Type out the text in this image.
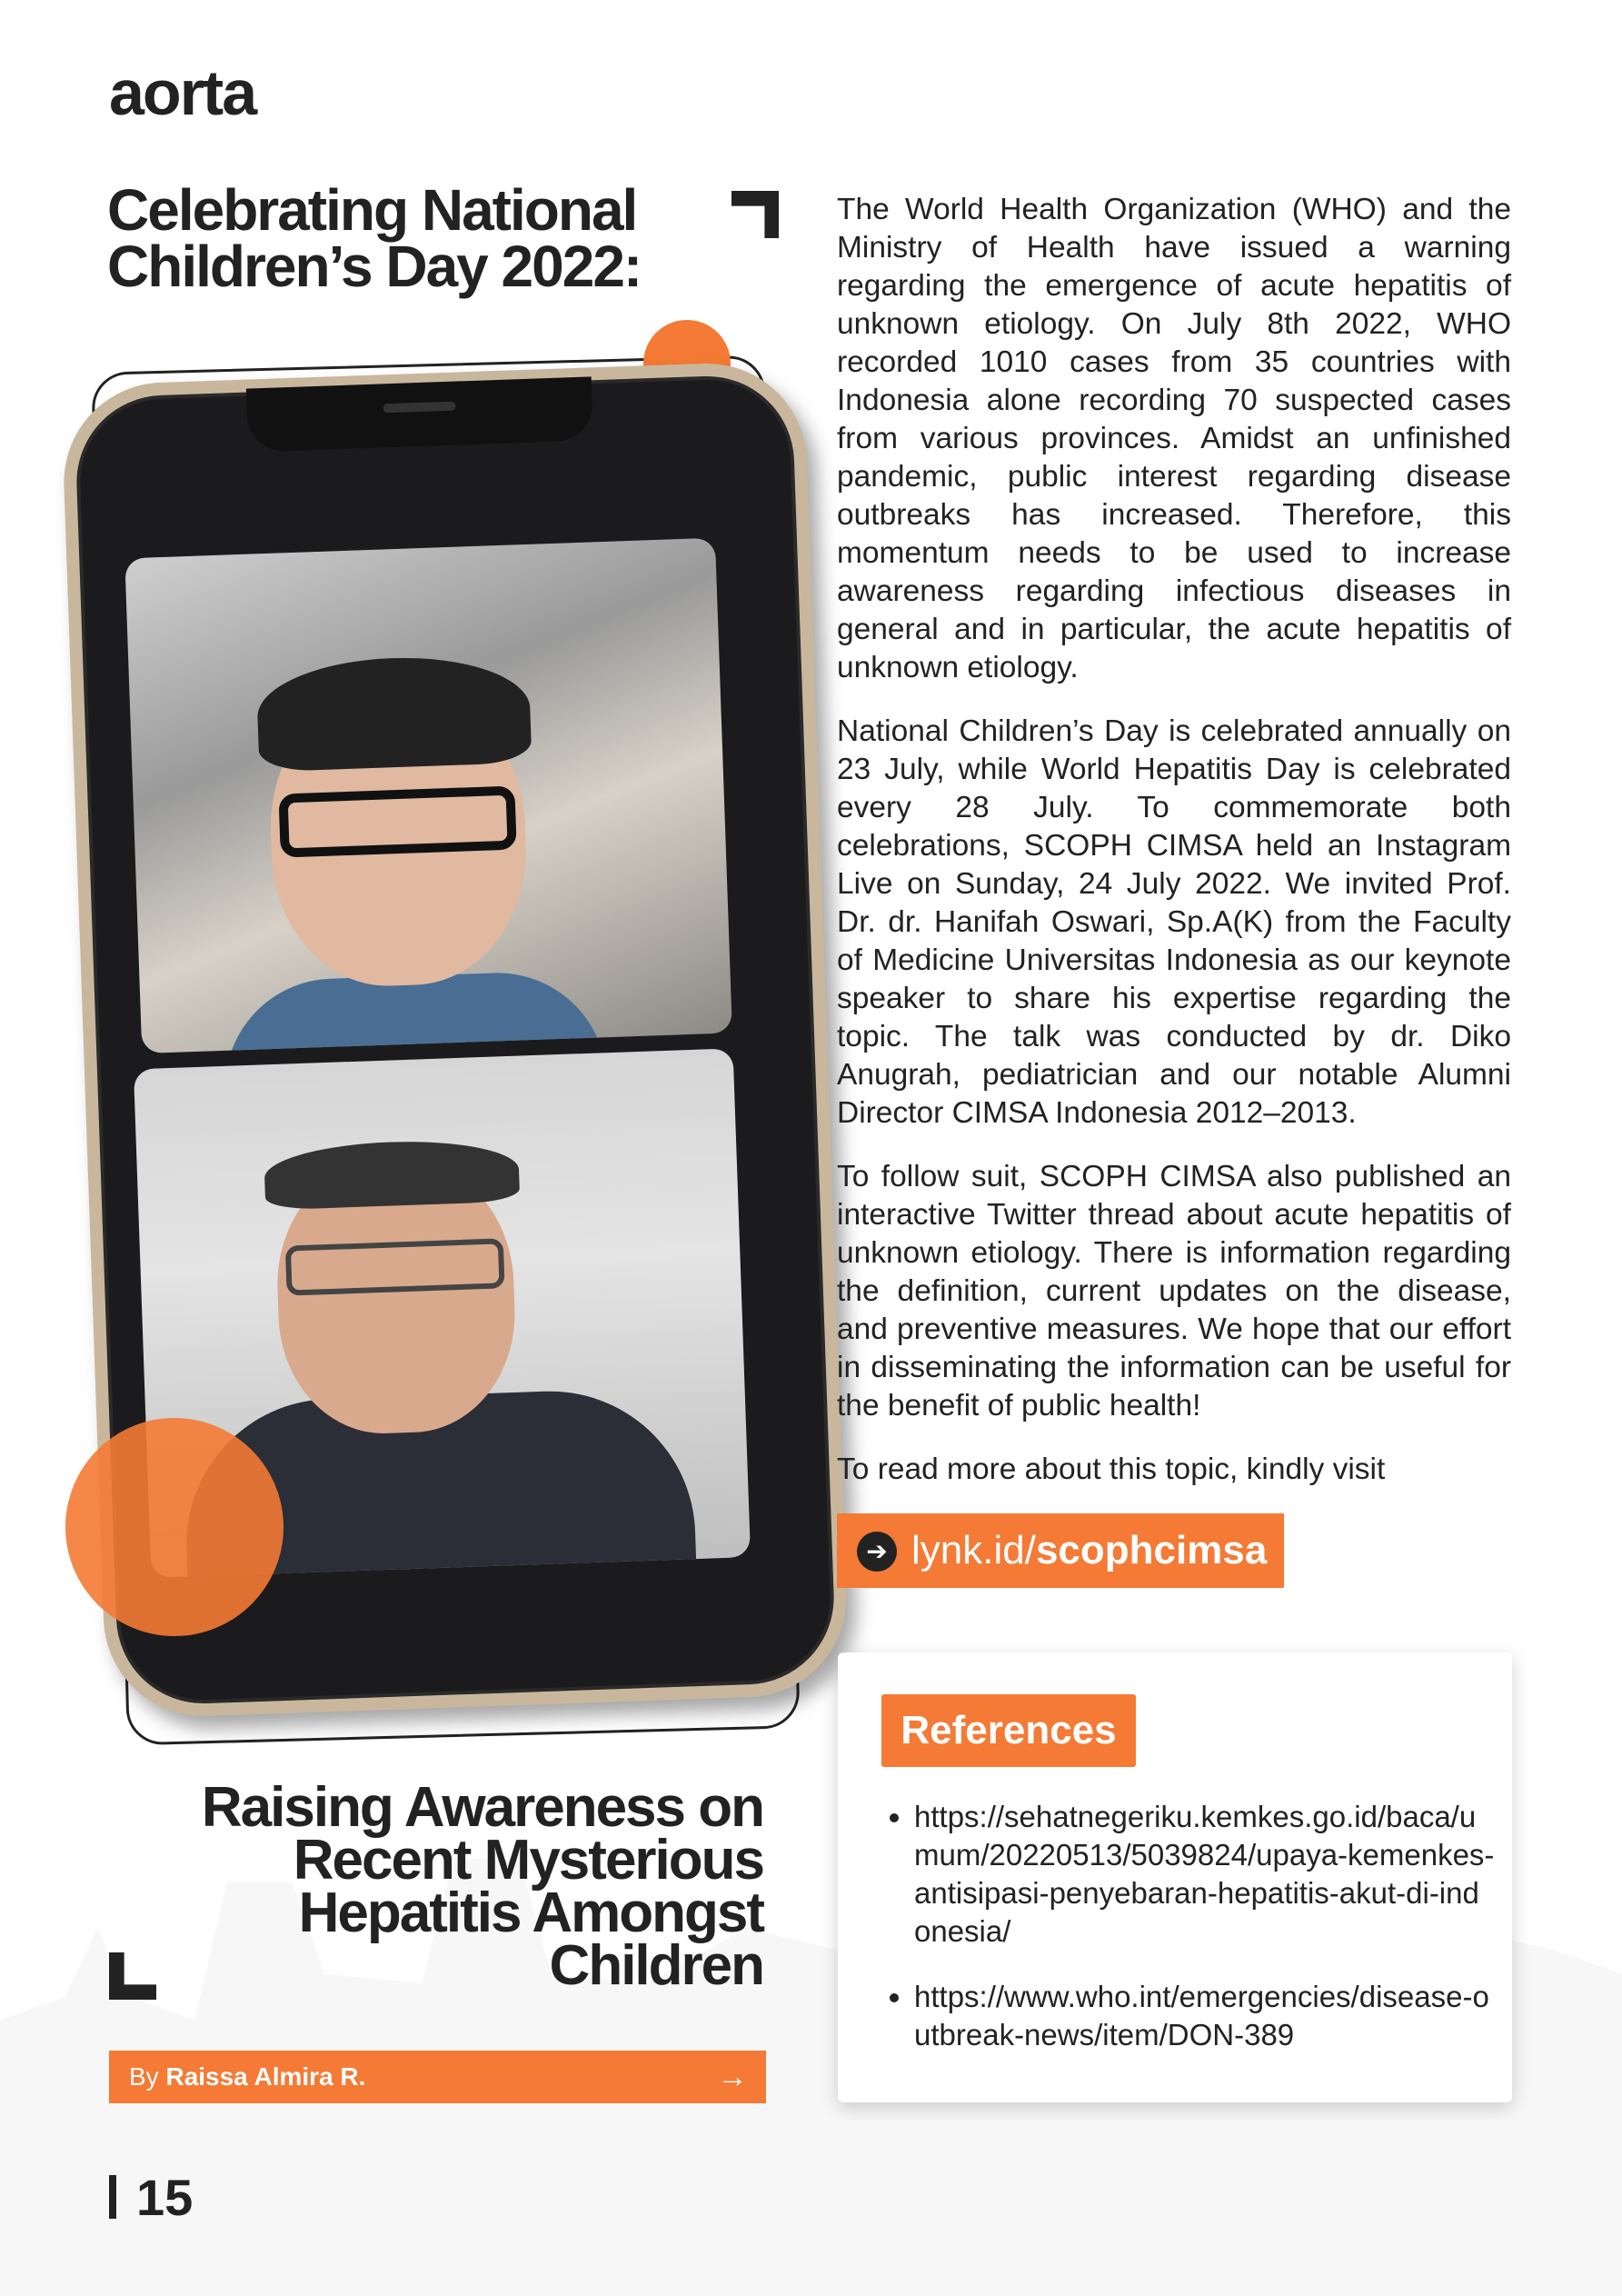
aorta
Celebrating National Children’s Day 2022:
Raising Awareness on Recent Mysterious Hepatitis Amongst Children
By Raissa Almira R.	→
15

The World Health Organization (WHO) and the Ministry of Health have issued a warning regarding the emergence of acute hepatitis of unknown etiology. On July 8th 2022, WHO recorded 1010 cases from 35 countries with Indonesia alone recording 70 suspected cases from various provinces. Amidst an unfinished pandemic, public interest regarding disease outbreaks has increased. Therefore, this momentum needs to be used to increase awareness regarding infectious diseases in general and in particular, the acute hepatitis of unknown etiology.

National Children’s Day is celebrated annually on 23 July, while World Hepatitis Day is celebrated every 28 July. To commemorate both celebrations, SCOPH CIMSA held an Instagram Live on Sunday, 24 July 2022. We invited Prof. Dr. dr. Hanifah Oswari, Sp.A(K) from the Faculty of Medicine Universitas Indonesia as our keynote speaker to share his expertise regarding the topic. The talk was conducted by dr. Diko Anugrah, pediatrician and our notable Alumni Director CIMSA Indonesia 2012–2013.

To follow suit, SCOPH CIMSA also published an interactive Twitter thread about acute hepatitis of unknown etiology. There is information regarding the definition, current updates on the disease, and preventive measures. We hope that our effort in disseminating the information can be useful for the benefit of public health!

To read more about this topic, kindly visit

➔ lynk.id/scophcimsa
References
• https://sehatnegeriku.kemkes.go.id/baca/umum/20220513/5039824/upaya-kemenkes-antisipasi-penyebaran-hepatitis-akut-di-indonesia/
• https://www.who.int/emergencies/disease-outbreak-news/item/DON-389
